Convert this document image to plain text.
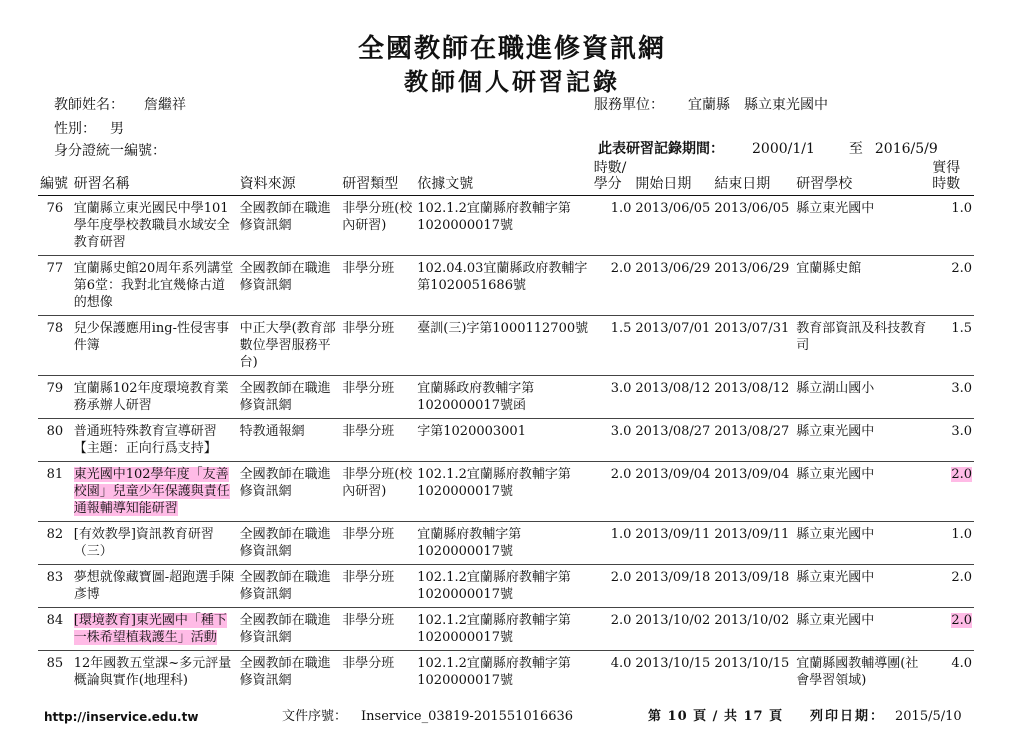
全國教師在職進修資訊網
教師個人研習記錄
教師姓名： 詹繼祥
性別： 男
身分證統一編號：
服務單位： 宜蘭縣 縣立東光國中
此表研習記錄期間： 2000/1/1 至 2016/5/9
編號	研習名稱	資料來源	研習類型	依據文號	時數/
學分	開始日期	結束日期	研習學校	實得
時數
76	宜蘭縣立東光國民中學101學年度學校教職員水域安全教育研習	全國教師在職進修資訊網	非學分班(校內研習)	102.1.2宜蘭縣府教輔字第1020000017號	1.0	2013/06/05	2013/06/05	縣立東光國中	1.0
77	宜蘭縣史館20周年系列講堂 第6堂：我對北宜幾條古道的想像	全國教師在職進修資訊網	非學分班	102.04.03宜蘭縣政府教輔字第1020051686號	2.0	2013/06/29	2013/06/29	宜蘭縣史館	2.0
78	兒少保護應用ing-性侵害事件簿	中正大學(教育部數位學習服務平台)	非學分班	臺訓(三)字第1000112700號	1.5	2013/07/01	2013/07/31	教育部資訊及科技教育司	1.5
79	宜蘭縣102年度環境教育業務承辦人研習	全國教師在職進修資訊網	非學分班	宜蘭縣政府教輔字第1020000017號函	3.0	2013/08/12	2013/08/12	縣立湖山國小	3.0
80	普通班特殊教育宣導研習【主題：正向行爲支持】	特教通報網	非學分班	字第1020003001	3.0	2013/08/27	2013/08/27	縣立東光國中	3.0
81	東光國中102學年度「友善校園」兒童少年保護與責任通報輔導知能研習	全國教師在職進修資訊網	非學分班(校內研習)	102.1.2宜蘭縣府教輔字第1020000017號	2.0	2013/09/04	2013/09/04	縣立東光國中	2.0
82	[有效教學]資訊教育研習（三）	全國教師在職進修資訊網	非學分班	宜蘭縣府教輔字第1020000017號	1.0	2013/09/11	2013/09/11	縣立東光國中	1.0
83	夢想就像藏寶圖-超跑選手陳彥博	全國教師在職進修資訊網	非學分班	102.1.2宜蘭縣府教輔字第1020000017號	2.0	2013/09/18	2013/09/18	縣立東光國中	2.0
84	[環境教育]東光國中「種下一株希望植栽護生」活動	全國教師在職進修資訊網	非學分班	102.1.2宜蘭縣府教輔字第1020000017號	2.0	2013/10/02	2013/10/02	縣立東光國中	2.0
85	12年國教五堂課~多元評量概論與實作(地理科)	全國教師在職進修資訊網	非學分班	102.1.2宜蘭縣府教輔字第1020000017號	4.0	2013/10/15	2013/10/15	宜蘭縣國教輔導團(社會學習領域)	4.0
http://inservice.edu.tw	文件序號： Inservice_03819-201551016636	第 10 頁 / 共 17 頁 列印日期： 2015/5/10
